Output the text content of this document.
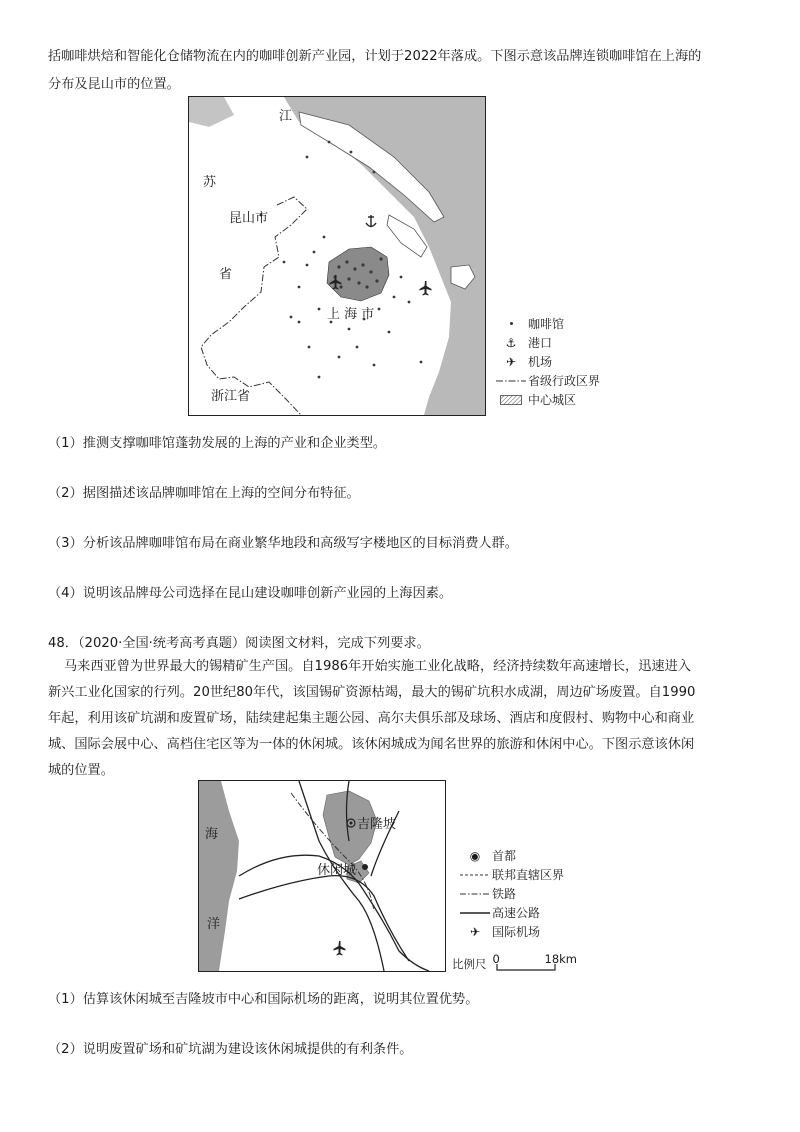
括咖啡烘焙和智能化仓储物流在内的咖啡创新产业园，计划于2022年落成。下图示意该品牌连锁咖啡馆在上海的
分布及昆山市的位置。
江
苏
昆山市
省
上 海 市
浙江省
咖啡馆
⚓ 港口
✈ 机场
省级行政区界
中心城区
（1）推测支撑咖啡馆蓬勃发展的上海的产业和企业类型。
（2）据图描述该品牌咖啡馆在上海的空间分布特征。
（3）分析该品牌咖啡馆布局在商业繁华地段和高级写字楼地区的目标消费人群。
（4）说明该品牌母公司选择在昆山建设咖啡创新产业园的上海因素。
48．（2020·全国·统考高考真题）阅读图文材料，完成下列要求。
马来西亚曾为世界最大的锡精矿生产国。自1986年开始实施工业化战略，经济持续数年高速增长，迅速进入
新兴工业化国家的行列。20世纪80年代，该国锡矿资源枯竭，最大的锡矿坑积水成湖，周边矿场废置。自1990
年起，利用该矿坑湖和废置矿场，陆续建起集主题公园、高尔夫俱乐部及球场、酒店和度假村、购物中心和商业
城、国际会展中心、高档住宅区等为一体的休闲城。该休闲城成为闻名世界的旅游和休闲中心。下图示意该休闲
城的位置。
海
洋
吉隆坡
休闲城
◉ 首都
联邦直辖区界
铁路
高速公路
✈ 国际机场
比例尺 0	18km
（1）估算该休闲城至吉隆坡市中心和国际机场的距离，说明其位置优势。
（2）说明废置矿场和矿坑湖为建设该休闲城提供的有利条件。
